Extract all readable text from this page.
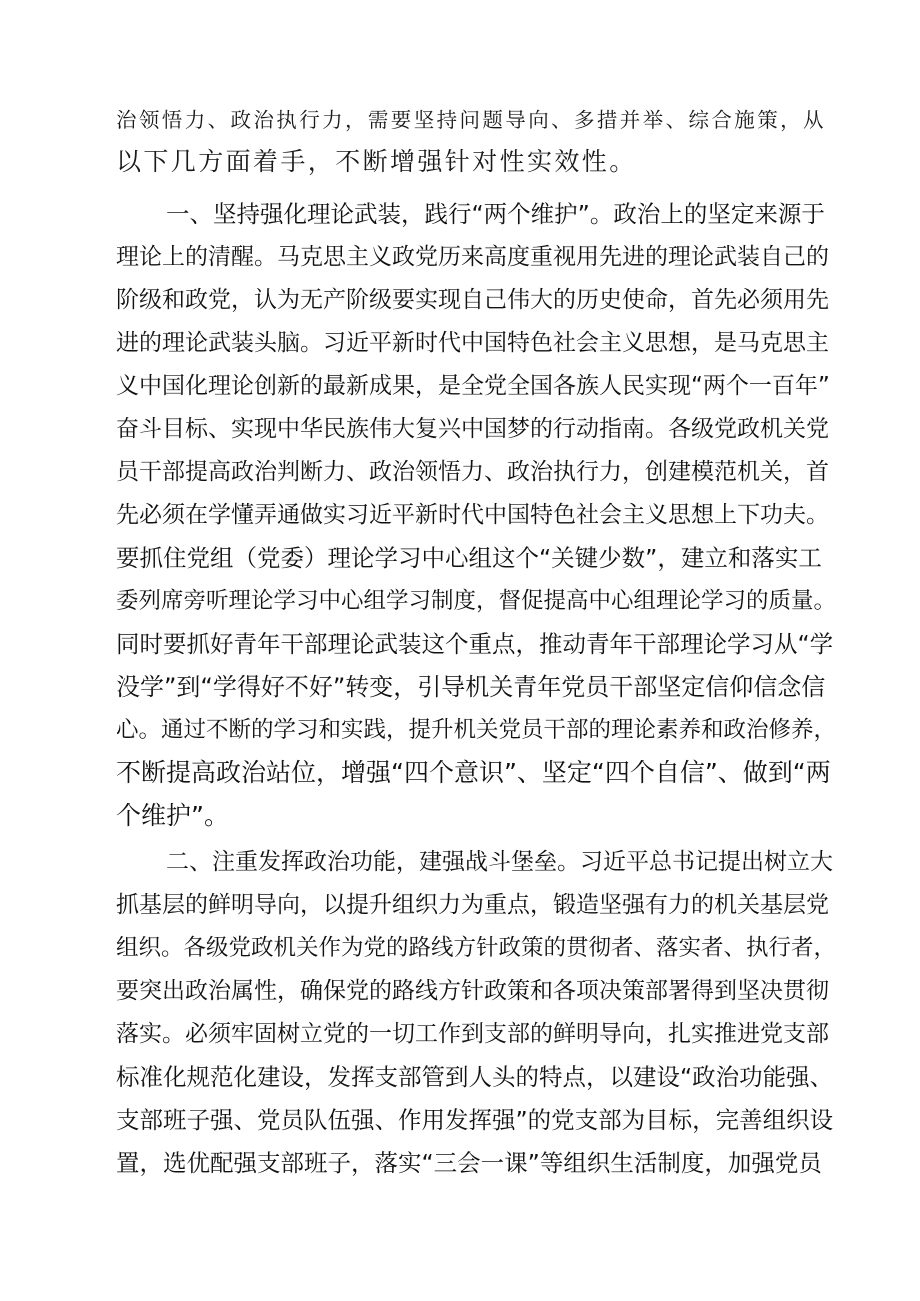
治领悟力、政治执行力，需要坚持问题导向、多措并举、综合施策，从
以下几方面着手，不断增强针对性实效性。
一、坚持强化理论武装，践行“两个维护”。政治上的坚定来源于
理论上的清醒。马克思主义政党历来高度重视用先进的理论武装自己的
阶级和政党，认为无产阶级要实现自己伟大的历史使命，首先必须用先
进的理论武装头脑。习近平新时代中国特色社会主义思想，是马克思主
义中国化理论创新的最新成果，是全党全国各族人民实现“两个一百年”
奋斗目标、实现中华民族伟大复兴中国梦的行动指南。各级党政机关党
员干部提高政治判断力、政治领悟力、政治执行力，创建模范机关，首
先必须在学懂弄通做实习近平新时代中国特色社会主义思想上下功夫。
要抓住党组（党委）理论学习中心组这个“关键少数”，建立和落实工
委列席旁听理论学习中心组学习制度，督促提高中心组理论学习的质量。
同时要抓好青年干部理论武装这个重点，推动青年干部理论学习从“学
没学”到“学得好不好”转变，引导机关青年党员干部坚定信仰信念信
心。通过不断的学习和实践，提升机关党员干部的理论素养和政治修养，
不断提高政治站位，增强“四个意识”、坚定“四个自信”、做到“两
个维护”。
二、注重发挥政治功能，建强战斗堡垒。习近平总书记提出树立大
抓基层的鲜明导向，以提升组织力为重点，锻造坚强有力的机关基层党
组织。各级党政机关作为党的路线方针政策的贯彻者、落实者、执行者，
要突出政治属性，确保党的路线方针政策和各项决策部署得到坚决贯彻
落实。必须牢固树立党的一切工作到支部的鲜明导向，扎实推进党支部
标准化规范化建设，发挥支部管到人头的特点，以建设“政治功能强、
支部班子强、党员队伍强、作用发挥强”的党支部为目标，完善组织设
置，选优配强支部班子，落实“三会一课”等组织生活制度，加强党员
